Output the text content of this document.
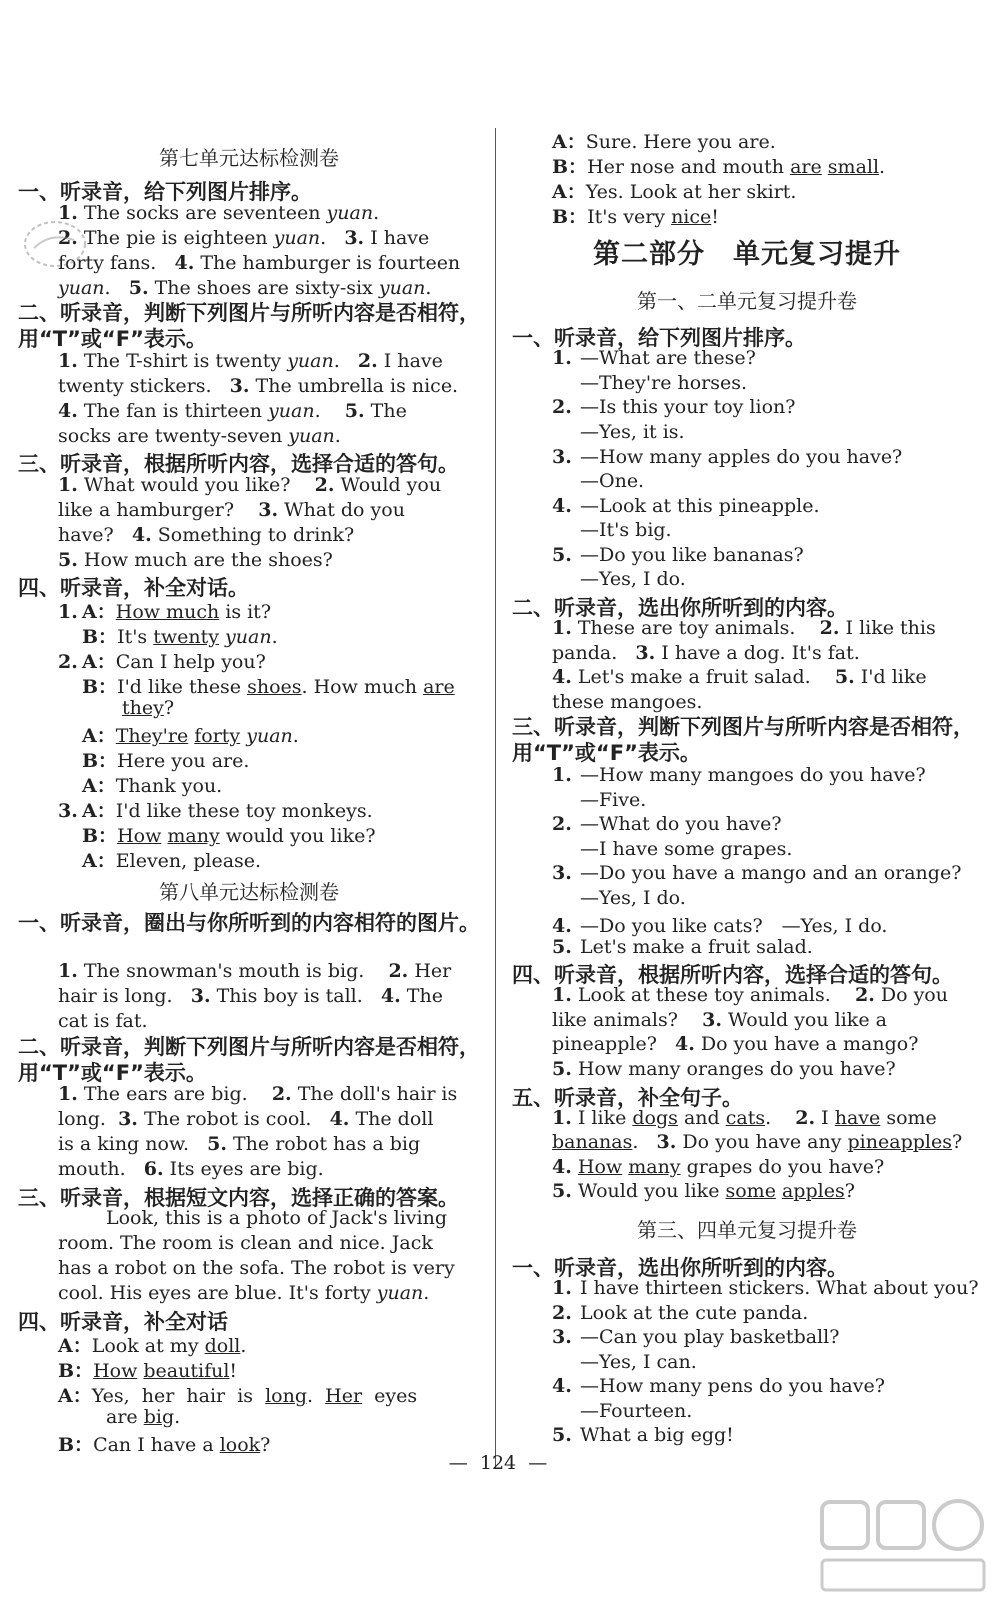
第七单元达标检测卷
一、听录音，给下列图片排序。
1. The socks are seventeen yuan.
2. The pie is eighteen yuan. 3. I have
forty fans. 4. The hamburger is fourteen
yuan. 5. The shoes are sixty-six yuan.
二、听录音，判断下列图片与所听内容是否相符，用“T”或“F”表示。
1. The T-shirt is twenty yuan. 2. I have
twenty stickers. 3. The umbrella is nice.
4. The fan is thirteen yuan. 5. The
socks are twenty-seven yuan.
三、听录音，根据所听内容，选择合适的答句。
1. What would you like? 2. Would you
like a hamburger? 3. What do you
have? 4. Something to drink?
5. How much are the shoes?
四、听录音，补全对话。
1. A：How much is it?
B：It's twenty yuan.
2. A：Can I help you?
B：I'd like these shoes. How much are
they?
A：They're forty yuan.
B：Here you are.
A：Thank you.
3. A：I'd like these toy monkeys.
B：How many would you like?
A：Eleven, please.
第八单元达标检测卷
一、听录音，圈出与你所听到的内容相符的图片。
1. The snowman's mouth is big. 2. Her
hair is long. 3. This boy is tall. 4. The
cat is fat.
二、听录音，判断下列图片与所听内容是否相符，用“T”或“F”表示。
1. The ears are big. 2. The doll's hair is
long. 3. The robot is cool. 4. The doll
is a king now. 5. The robot has a big
mouth. 6. Its eyes are big.
三、听录音，根据短文内容，选择正确的答案。
Look, this is a photo of Jack's living
room. The room is clean and nice. Jack
has a robot on the sofa. The robot is very
cool. His eyes are blue. It's forty yuan.
四、听录音，补全对话
A：Look at my doll.
B：How beautiful!
A：Yes,  her  hair  is  long.  Her  eyes
are big.
B：Can I have a look?
A：Sure. Here you are.
B：Her nose and mouth are small.
A：Yes. Look at her skirt.
B：It's very nice!
第二部分　单元复习提升
第一、二单元复习提升卷
一、听录音，给下列图片排序。
1. —What are these?
—They're horses.
2. —Is this your toy lion?
—Yes, it is.
3. —How many apples do you have?
—One.
4. —Look at this pineapple.
—It's big.
5. —Do you like bananas?
—Yes, I do.
二、听录音，选出你所听到的内容。
1. These are toy animals. 2. I like this
panda. 3. I have a dog. It's fat.
4. Let's make a fruit salad. 5. I'd like
these mangoes.
三、听录音，判断下列图片与所听内容是否相符，用“T”或“F”表示。
1. —How many mangoes do you have?
—Five.
2. —What do you have?
—I have some grapes.
3. —Do you have a mango and an orange?
—Yes, I do.
4. —Do you like cats?　—Yes, I do.
5. Let's make a fruit salad.
四、听录音，根据所听内容，选择合适的答句。
1. Look at these toy animals. 2. Do you
like animals? 3. Would you like a
pineapple? 4. Do you have a mango?
5. How many oranges do you have?
五、听录音，补全句子。
1. I like dogs and cats. 2. I have some
bananas. 3. Do you have any pineapples?
4. How many grapes do you have?
5. Would you like some apples?
第三、四单元复习提升卷
一、听录音，选出你所听到的内容。
1. I have thirteen stickers. What about you?
2. Look at the cute panda.
3. —Can you play basketball?
—Yes, I can.
4. —How many pens do you have?
—Fourteen.
5. What a big egg!
— 124 —
